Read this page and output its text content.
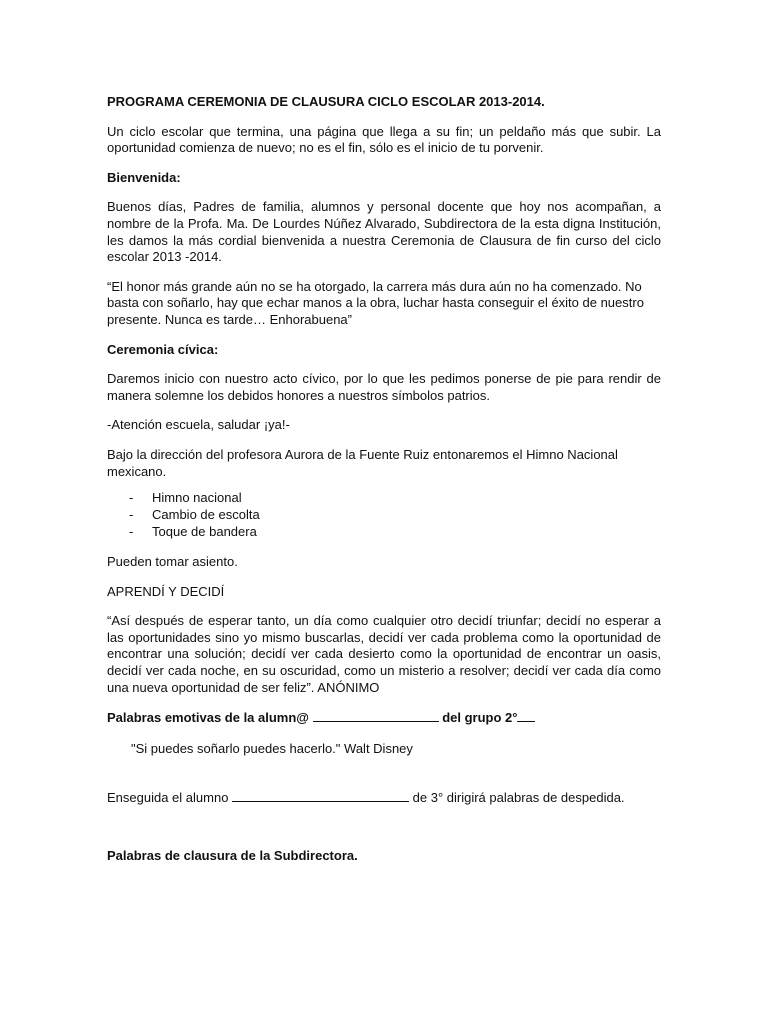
PROGRAMA CEREMONIA DE CLAUSURA CICLO ESCOLAR 2013-2014.

Un ciclo escolar que termina, una página que llega a su fin; un peldaño más que subir. La oportunidad comienza de nuevo; no es el fin, sólo es el inicio de tu porvenir.

Bienvenida:

Buenos días, Padres de familia, alumnos y personal docente que hoy nos acompañan, a nombre de la Profa. Ma. De Lourdes Núñez Alvarado, Subdirectora de la esta digna Institución, les damos la más cordial bienvenida a nuestra Ceremonia de Clausura de fin curso del ciclo escolar 2013 -2014.

“El honor más grande aún no se ha otorgado, la carrera más dura aún no ha comenzado. No basta con soñarlo, hay que echar manos a la obra, luchar hasta conseguir el éxito de nuestro presente. Nunca es tarde… Enhorabuena”

Ceremonia cívica:

Daremos inicio con nuestro acto cívico, por lo que les pedimos ponerse de pie para rendir de manera solemne los debidos honores a nuestros símbolos patrios.

-Atención escuela, saludar ¡ya!-

Bajo la dirección del profesora Aurora de la Fuente Ruiz entonaremos el Himno Nacional mexicano.

- Himno nacional
- Cambio de escolta
- Toque de bandera

Pueden tomar asiento.

APRENDÍ Y DECIDÍ

“Así después de esperar tanto, un día como cualquier otro decidí triunfar; decidí no esperar a las oportunidades sino yo mismo buscarlas, decidí ver cada problema como la oportunidad de encontrar una solución; decidí ver cada desierto como la oportunidad de encontrar un oasis, decidí ver cada noche, en su oscuridad, como un misterio a resolver; decidí ver cada día como una nueva oportunidad de ser feliz”. ANÓNIMO

Palabras emotivas de la alumn@	del grupo 2°

"Si puedes soñarlo puedes hacerlo." Walt Disney

Enseguida el alumno	de 3° dirigirá palabras de despedida.

Palabras de clausura de la Subdirectora.
